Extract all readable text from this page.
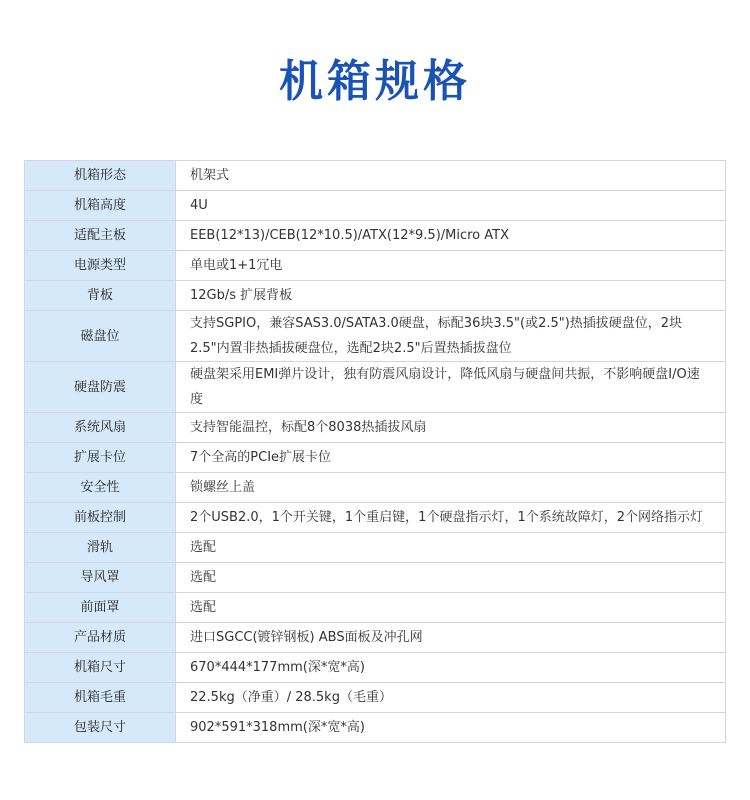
机箱规格
机箱形态	机架式
机箱高度	4U
适配主板	EEB(12*13)/CEB(12*10.5)/ATX(12*9.5)/Micro ATX
电源类型	单电或1+1冗电
背板	12Gb/s 扩展背板
磁盘位	支持SGPIO，兼容SAS3.0/SATA3.0硬盘，标配36块3.5"(或2.5")热插拔硬盘位，2块 2.5"内置非热插拔硬盘位，选配2块2.5"后置热插拔盘位
硬盘防震	硬盘架采用EMI弹片设计，独有防震风扇设计，降低风扇与硬盘间共振，不影响硬盘I/O速度
系统风扇	支持智能温控，标配8个8038热插拔风扇
扩展卡位	7个全高的PCIe扩展卡位
安全性	锁螺丝上盖
前板控制	2个USB2.0，1个开关键，1个重启键，1个硬盘指示灯，1个系统故障灯，2个网络指示灯
滑轨	选配
导风罩	选配
前面罩	选配
产品材质	进口SGCC(镀锌钢板) ABS面板及冲孔网
机箱尺寸	670*444*177mm(深*宽*高)
机箱毛重	22.5kg（净重）/ 28.5kg（毛重）
包装尺寸	902*591*318mm(深*宽*高)
